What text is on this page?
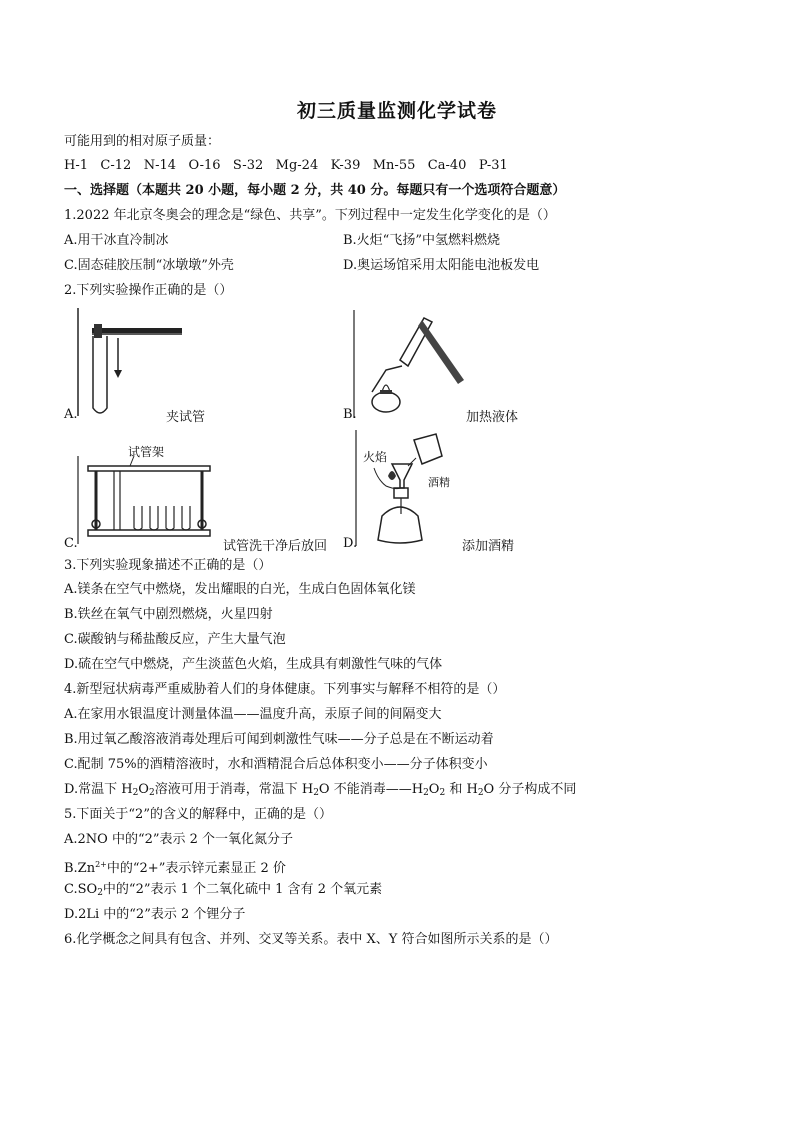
初三质量监测化学试卷
可能用到的相对原子质量：
H-1 C-12 N-14 O-16 S-32 Mg-24 K-39 Mn-55 Ca-40 P-31
一、选择题（本题共 20 小题，每小题 2 分，共 40 分。每题只有一个选项符合题意）
1.2022 年北京冬奥会的理念是“绿色、共享”。下列过程中一定发生化学变化的是（）
A.用干冰直冷制冰	B.火炬“飞扬”中氢燃料燃烧
C.固态硅胶压制“冰墩墩”外壳	D.奥运场馆采用太阳能电池板发电
2.下列实验操作正确的是（）
A.	夹试管	B.	加热液体
试管架
C.	试管洗干净后放回
火焰
酒精
D.	添加酒精
3.下列实验现象描述不正确的是（）
A.镁条在空气中燃烧，发出耀眼的白光，生成白色固体氧化镁
B.铁丝在氧气中剧烈燃烧，火星四射
C.碳酸钠与稀盐酸反应，产生大量气泡
D.硫在空气中燃烧，产生淡蓝色火焰，生成具有刺激性气味的气体
4.新型冠状病毒严重威胁着人们的身体健康。下列事实与解释不相符的是（）
A.在家用水银温度计测量体温——温度升高，汞原子间的间隔变大
B.用过氧乙酸溶液消毒处理后可闻到刺激性气味——分子总是在不断运动着
C.配制 75%的酒精溶液时，水和酒精混合后总体积变小——分子体积变小
D.常温下 $H_2O_2$溶液可用于消毒，常温下 $H_2O$ 不能消毒$——H_2O_2$ 和 $H_2O$ 分子构成不同
5.下面关于“2”的含义的解释中，正确的是（）
A.2NO 中的“2”表示 2 个一氧化氮分子
$B.Zn^{2+}$中的“2+”表示锌元素显正 2 价
$C.SO_2$中的“2”表示 1 个二氧化硫中 1 含有 2 个氧元素
D.2Li 中的“2”表示 2 个锂分子
6.化学概念之间具有包含、并列、交叉等关系。表中 X、Y 符合如图所示关系的是（）
